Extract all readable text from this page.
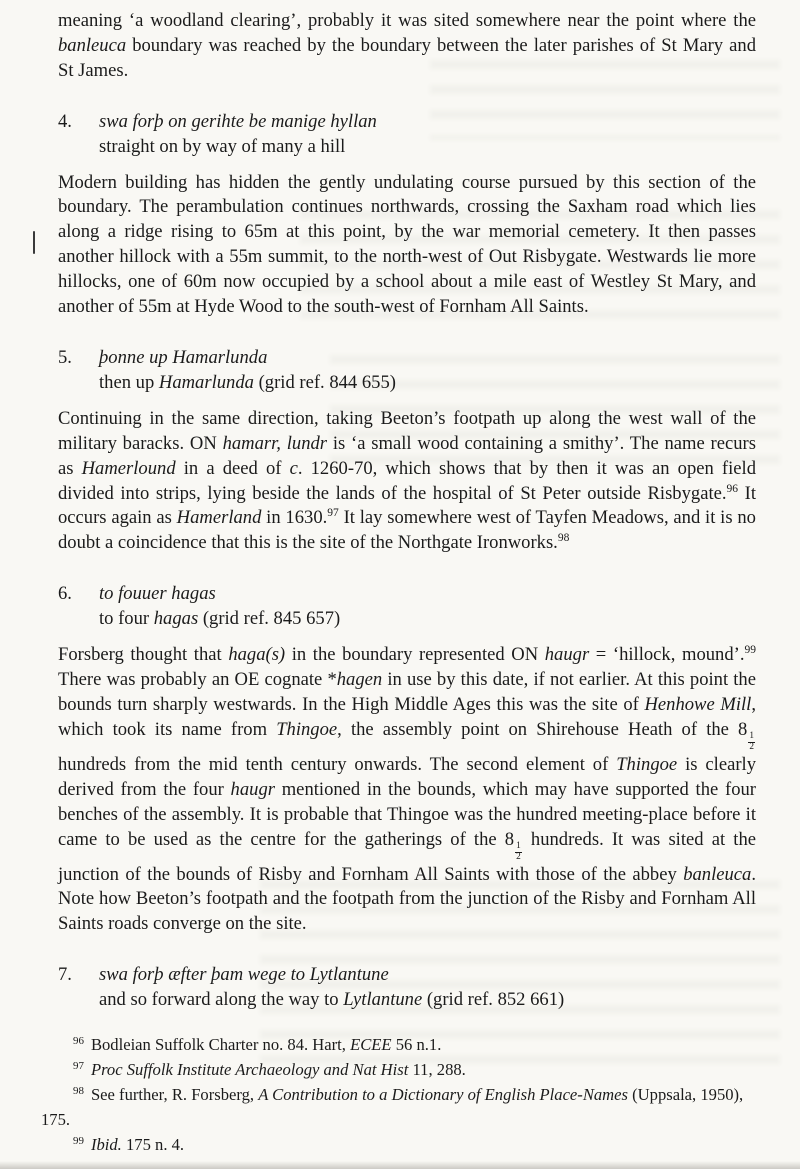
meaning ‘a woodland clearing’, probably it was sited somewhere near the point where the banleuca boundary was reached by the boundary between the later parishes of St Mary and St James.

4.	swa forþ on gerihte be manige hyllan
straight on by way of many a hill

Modern building has hidden the gently undulating course pursued by this section of the boundary. The perambulation continues northwards, crossing the Saxham road which lies along a ridge rising to 65m at this point, by the war memorial cemetery. It then passes another hillock with a 55m summit, to the north-west of Out Risbygate. Westwards lie more hillocks, one of 60m now occupied by a school about a mile east of Westley St Mary, and another of 55m at Hyde Wood to the south-west of Fornham All Saints.

5.	þonne up Hamarlunda
then up Hamarlunda (grid ref. 844 655)

Continuing in the same direction, taking Beeton’s footpath up along the west wall of the military baracks. ON hamarr, lundr is ‘a small wood containing a smithy’. The name recurs as Hamerlound in a deed of c. 1260-70, which shows that by then it was an open field divided into strips, lying beside the lands of the hospital of St Peter outside Risbygate.$^{96}$ It occurs again as Hamerland in 1630.97 It lay somewhere west of Tayfen Meadows, and it is no doubt a coincidence that this is the site of the Northgate Ironworks.$^{98}$

6.	to fouuer hagas
to four hagas (grid ref. 845 657)

Forsberg thought that haga(s) in the boundary represented ON haugr = ‘hillock, mound’.$^{99}$ There was probably an OE cognate *hagen in use by this date, if not earlier. At this point the bounds turn sharply westwards. In the High Middle Ages this was the site of Henhowe Mill, which took its name from Thingoe, the assembly point on Shirehouse Heath of the 8
$\frac{1}{2}$
hundreds from the mid tenth century onwards. The second element of Thingoe is clearly derived from the four haugr mentioned in the bounds, which may have supported the four benches of the assembly. It is probable that Thingoe was the hundred meeting-place before it came to be used as the centre for the gatherings of the 8
$\frac{1}{2}$
hundreds. It was sited at the junction of the bounds of Risby and Fornham All Saints with those of the abbey banleuca. Note how Beeton’s footpath and the footpath from the junction of the Risby and Fornham All Saints roads converge on the site.

7.	swa forþ æfter þam wege to Lytlantune
and so forward along the way to Lytlantune (grid ref. 852 661)

$^{96}$ Bodleian Suffolk Charter no. 84. Hart, ECEE 56 n.1.

$^{97}$ Proc Suffolk Institute Archaeology and Nat Hist 11, 288.

$^{98}$ See further, R. Forsberg, A Contribution to a Dictionary of English Place-Names (Uppsala, 1950), 175.

$^{99}$ Ibid. 175 n. 4.
